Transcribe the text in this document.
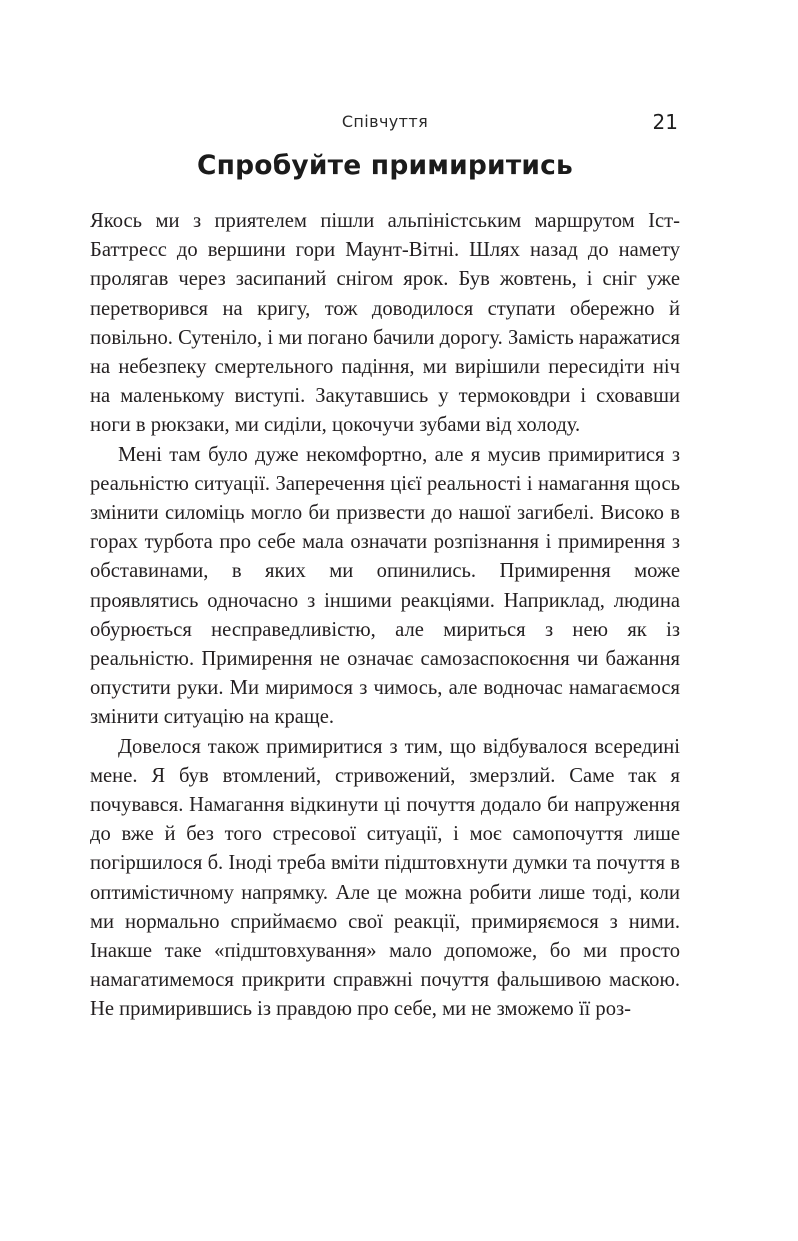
Співчуття	21
Спробуйте примиритись

Якось ми з приятелем пішли альпіністським маршрутом Іст-Баттресс до вершини гори Маунт-Вітні. Шлях назад до намету пролягав через засипаний снігом ярок. Був жовтень, і сніг уже перетворився на кригу, тож доводилося ступати обережно й повільно. Сутеніло, і ми погано бачили дорогу. Замість наражатися на небезпеку смертельного падіння, ми вирішили пересидіти ніч на маленькому виступі. Закутавшись у термоковдри і сховавши ноги в рюкзаки, ми сиділи, цокочучи зубами від холоду.

Мені там було дуже некомфортно, але я мусив примиритися з реальністю ситуації. Заперечення цієї реальності і намагання щось змінити силоміць могло би призвести до нашої загибелі. Високо в горах турбота про себе мала означати розпізнання і примирення з обставинами, в яких ми опинились. Примирення може проявлятись одночасно з іншими реакціями. Наприклад, людина обурюється несправедливістю, але мириться з нею як із реальністю. Примирення не означає самозаспокоєння чи бажання опустити руки. Ми миримося з чимось, але водночас намагаємося змінити ситуацію на краще.

Довелося також примиритися з тим, що відбувалося всередині мене. Я був втомлений, стривожений, змерзлий. Саме так я почувався. Намагання відкинути ці почуття додало би напруження до вже й без того стресової ситуації, і моє самопочуття лише погіршилося б. Іноді треба вміти підштовхнути думки та почуття в оптимістичному напрямку. Але це можна робити лише тоді, коли ми нормально сприймаємо свої реакції, примиряємося з ними. Інакше таке «підштовхування» мало допоможе, бо ми просто намагатимемося прикрити справжні почуття фальшивою маскою. Не примирившись із правдою про себе, ми не зможемо її роз-
